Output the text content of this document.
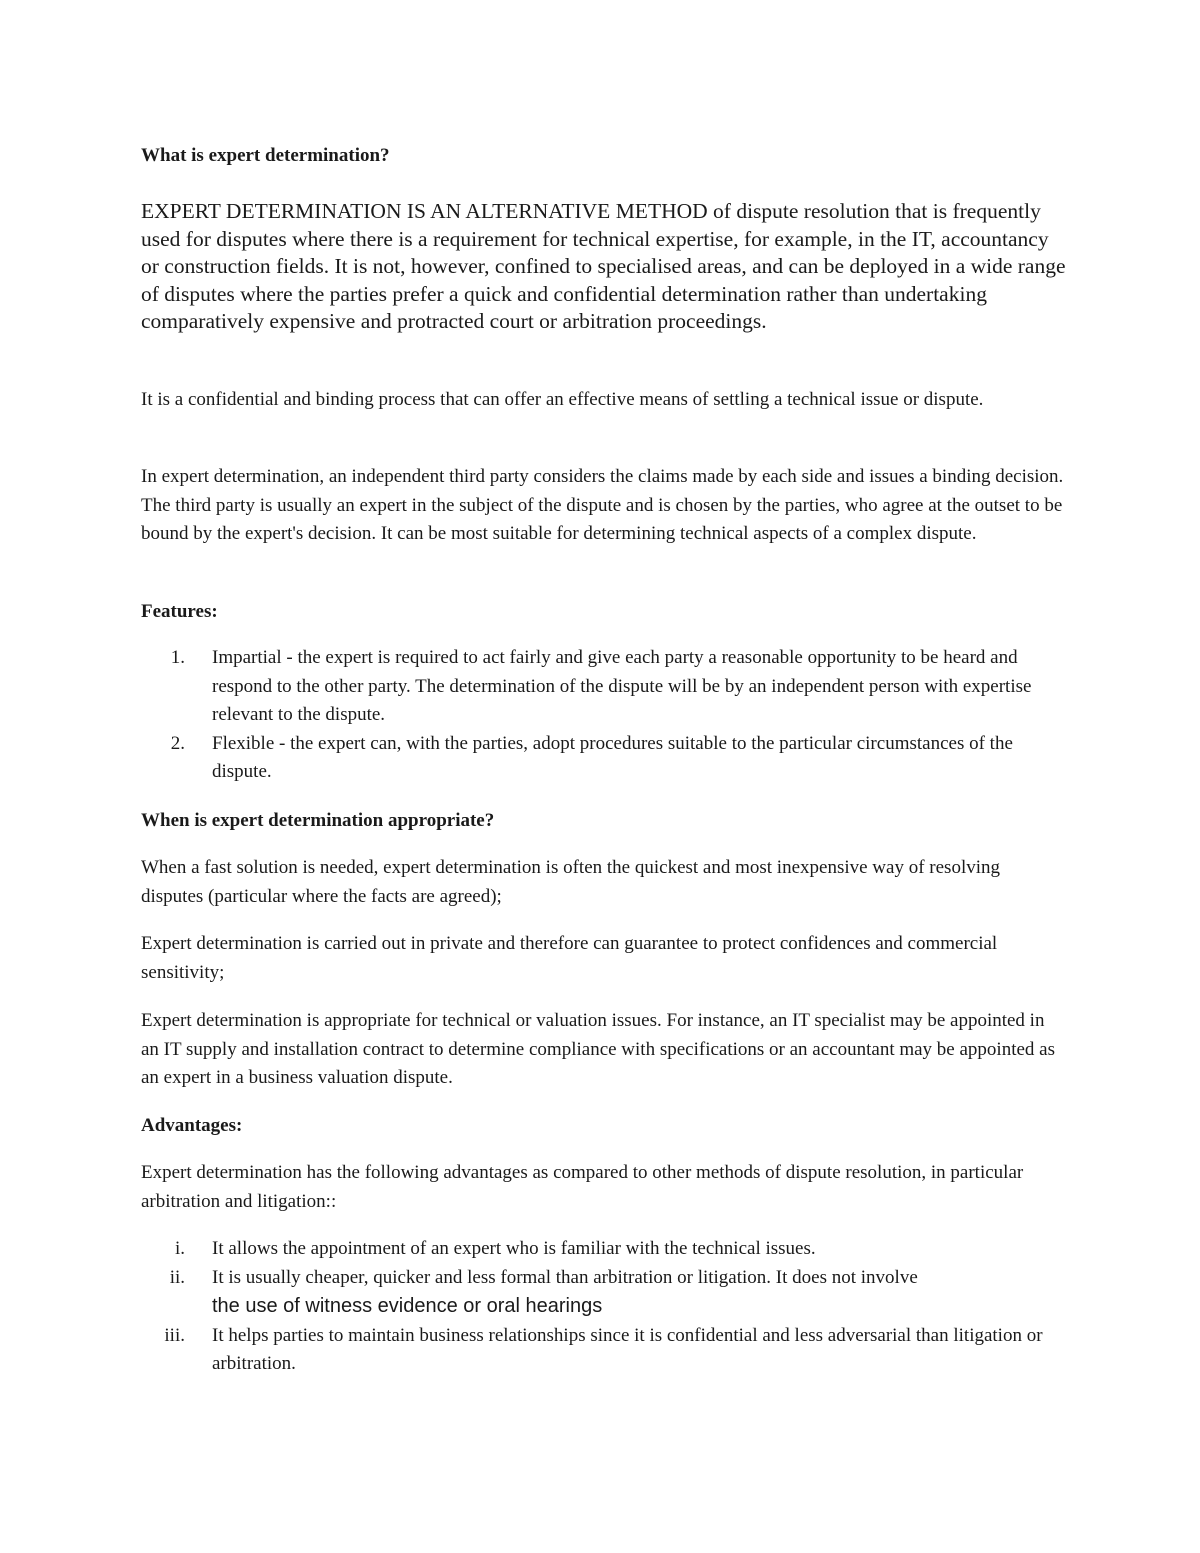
What is expert determination?

EXPERT DETERMINATION IS AN ALTERNATIVE METHOD of dispute resolution that is frequently used for disputes where there is a requirement for technical expertise, for example, in the IT, accountancy or construction fields. It is not, however, confined to specialised areas, and can be deployed in a wide range of disputes where the parties prefer a quick and confidential determination rather than undertaking comparatively expensive and protracted court or arbitration proceedings.

It is a confidential and binding process that can offer an effective means of settling a technical issue or dispute.

In expert determination, an independent third party considers the claims made by each side and issues a binding decision. The third party is usually an expert in the subject of the dispute and is chosen by the parties, who agree at the outset to be bound by the expert's decision. It can be most suitable for determining technical aspects of a complex dispute.

Features:
1. Impartial - the expert is required to act fairly and give each party a reasonable opportunity to be heard and respond to the other party. The determination of the dispute will be by an independent person with expertise relevant to the dispute.
2. Flexible - the expert can, with the parties, adopt procedures suitable to the particular circumstances of the dispute.
When is expert determination appropriate?

When a fast solution is needed, expert determination is often the quickest and most inexpensive way of resolving disputes (particular where the facts are agreed);

Expert determination is carried out in private and therefore can guarantee to protect confidences and commercial sensitivity;

Expert determination is appropriate for technical or valuation issues. For instance, an IT specialist may be appointed in an IT supply and installation contract to determine compliance with specifications or an accountant may be appointed as an expert in a business valuation dispute.

Advantages:

Expert determination has the following advantages as compared to other methods of dispute resolution, in particular arbitration and litigation::

i. It allows the appointment of an expert who is familiar with the technical issues.
ii. It is usually cheaper, quicker and less formal than arbitration or litigation. It does not involve
the use of witness evidence or oral hearings
iii. It helps parties to maintain business relationships since it is confidential and less adversarial than litigation or arbitration.
